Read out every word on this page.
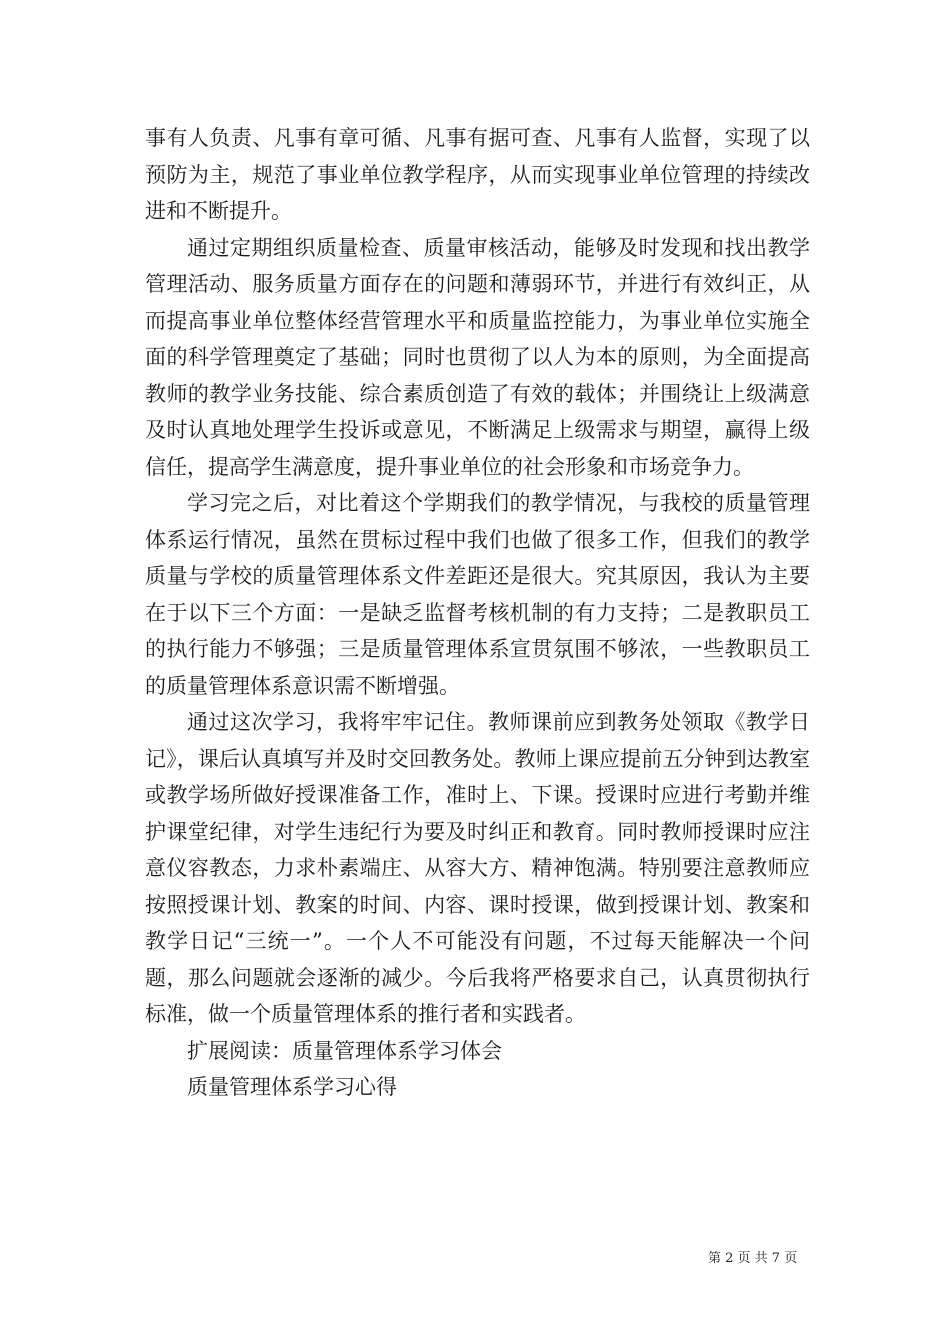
事有人负责、凡事有章可循、凡事有据可查、凡事有人监督，实现了以预防为主，规范了事业单位教学程序，从而实现事业单位管理的持续改进和不断提升。

通过定期组织质量检查、质量审核活动，能够及时发现和找出教学管理活动、服务质量方面存在的问题和薄弱环节，并进行有效纠正，从而提高事业单位整体经营管理水平和质量监控能力，为事业单位实施全面的科学管理奠定了基础；同时也贯彻了以人为本的原则，为全面提高教师的教学业务技能、综合素质创造了有效的载体；并围绕让上级满意及时认真地处理学生投诉或意见，不断满足上级需求与期望，赢得上级信任，提高学生满意度，提升事业单位的社会形象和市场竞争力。

学习完之后，对比着这个学期我们的教学情况，与我校的质量管理体系运行情况，虽然在贯标过程中我们也做了很多工作，但我们的教学质量与学校的质量管理体系文件差距还是很大。究其原因，我认为主要在于以下三个方面：一是缺乏监督考核机制的有力支持；二是教职员工的执行能力不够强；三是质量管理体系宣贯氛围不够浓，一些教职员工的质量管理体系意识需不断增强。

通过这次学习，我将牢牢记住。教师课前应到教务处领取《教学日记》，课后认真填写并及时交回教务处。教师上课应提前五分钟到达教室或教学场所做好授课准备工作，准时上、下课。授课时应进行考勤并维护课堂纪律，对学生违纪行为要及时纠正和教育。同时教师授课时应注意仪容教态，力求朴素端庄、从容大方、精神饱满。特别要注意教师应按照授课计划、教案的时间、内容、课时授课，做到授课计划、教案和教学日记“三统一”。一个人不可能没有问题，不过每天能解决一个问题，那么问题就会逐渐的减少。今后我将严格要求自己，认真贯彻执行标准，做一个质量管理体系的推行者和实践者。

扩展阅读：质量管理体系学习体会

质量管理体系学习心得

第 2 页 共 7 页
